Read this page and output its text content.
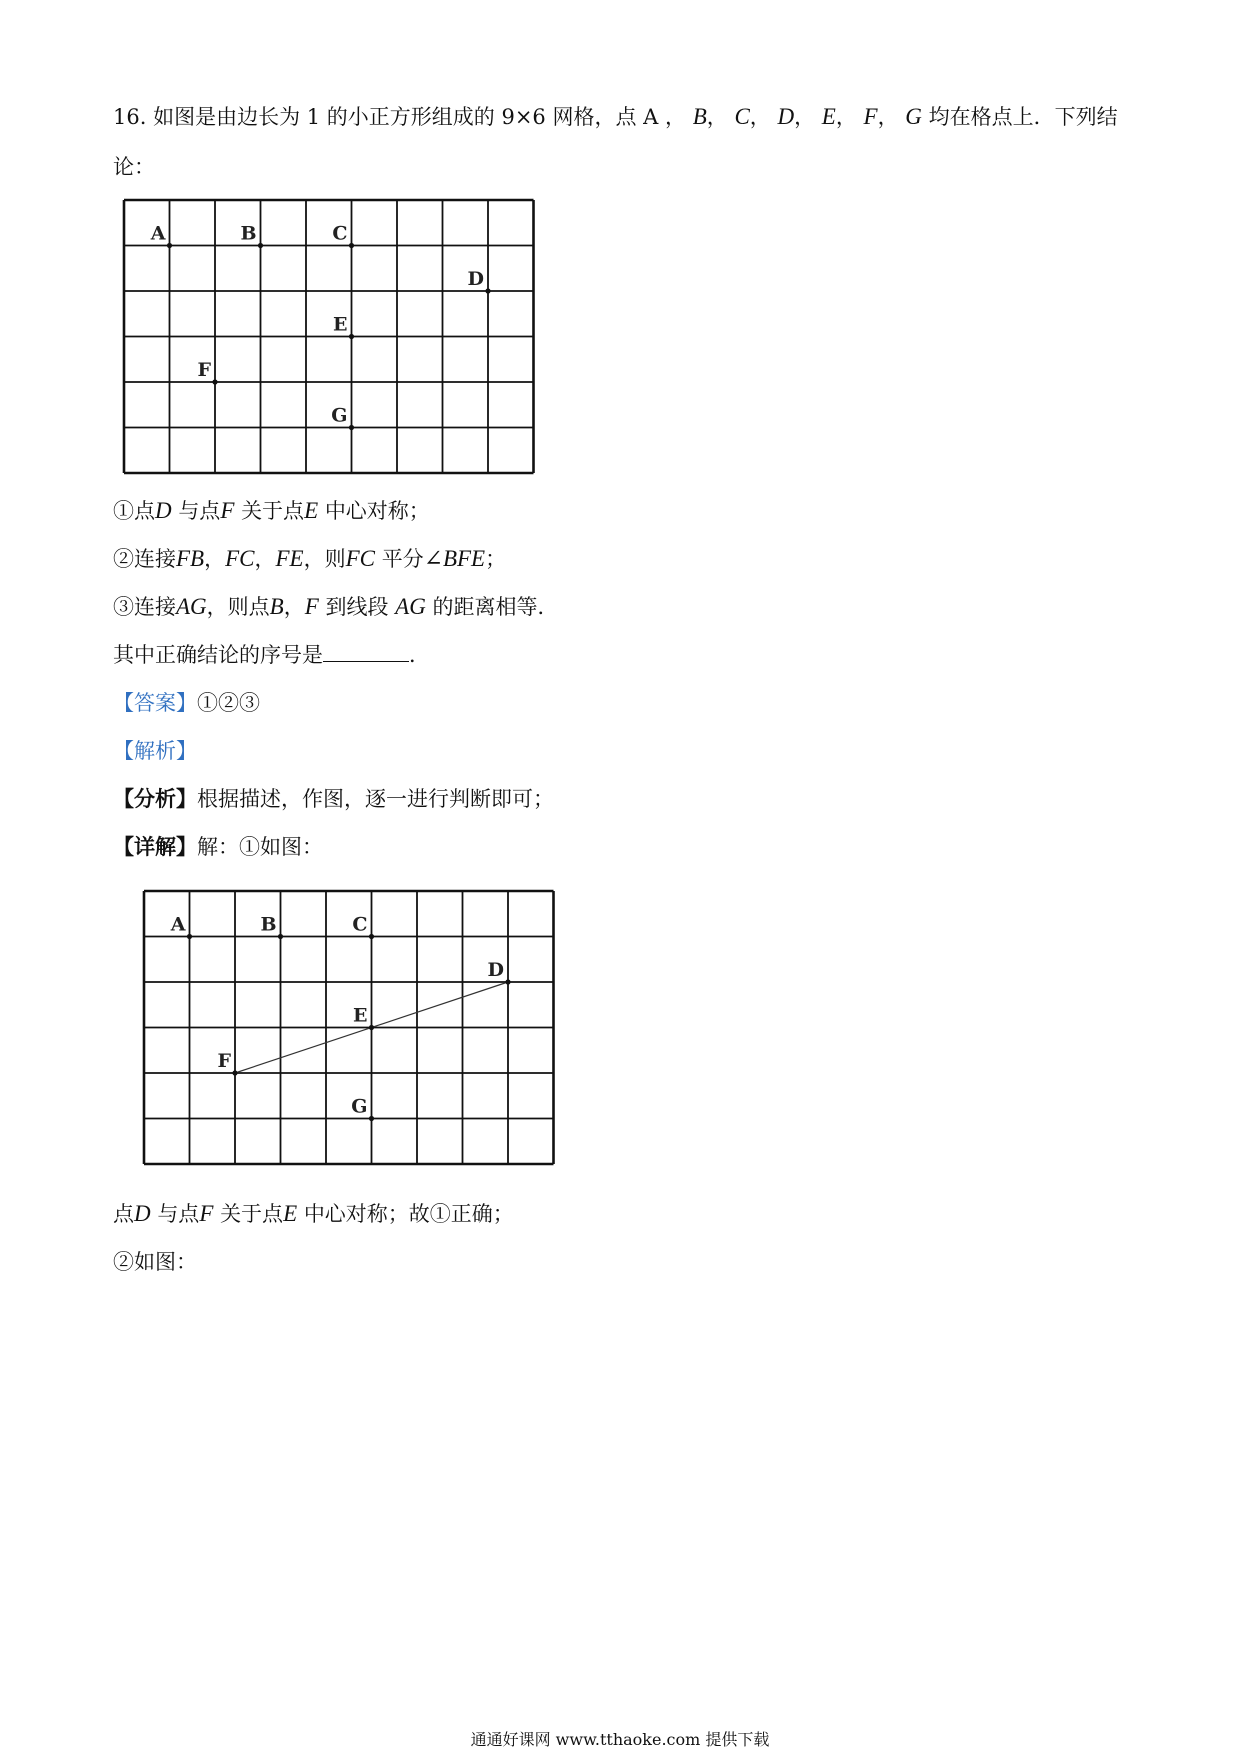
16. 如图是由边长为 1 的小正方形组成的 9×6 网格，点 A ， B， C， D， E， F， G 均在格点上．下列结
论：
A	B	C
D
E
F
G
①点D 与点F 关于点E 中心对称；
②连接FB，FC，FE，则FC 平分∠BFE；
③连接AG，则点B，F 到线段 AG 的距离相等．
其中正确结论的序号是	．
【答案】①②③
【解析】
【分析】根据描述，作图，逐一进行判断即可；
【详解】解：①如图：
A	B	C
D
E
F
G
点D 与点F 关于点E 中心对称；故①正确；
②如图：
通通好课网 www.tthaoke.com 提供下载
